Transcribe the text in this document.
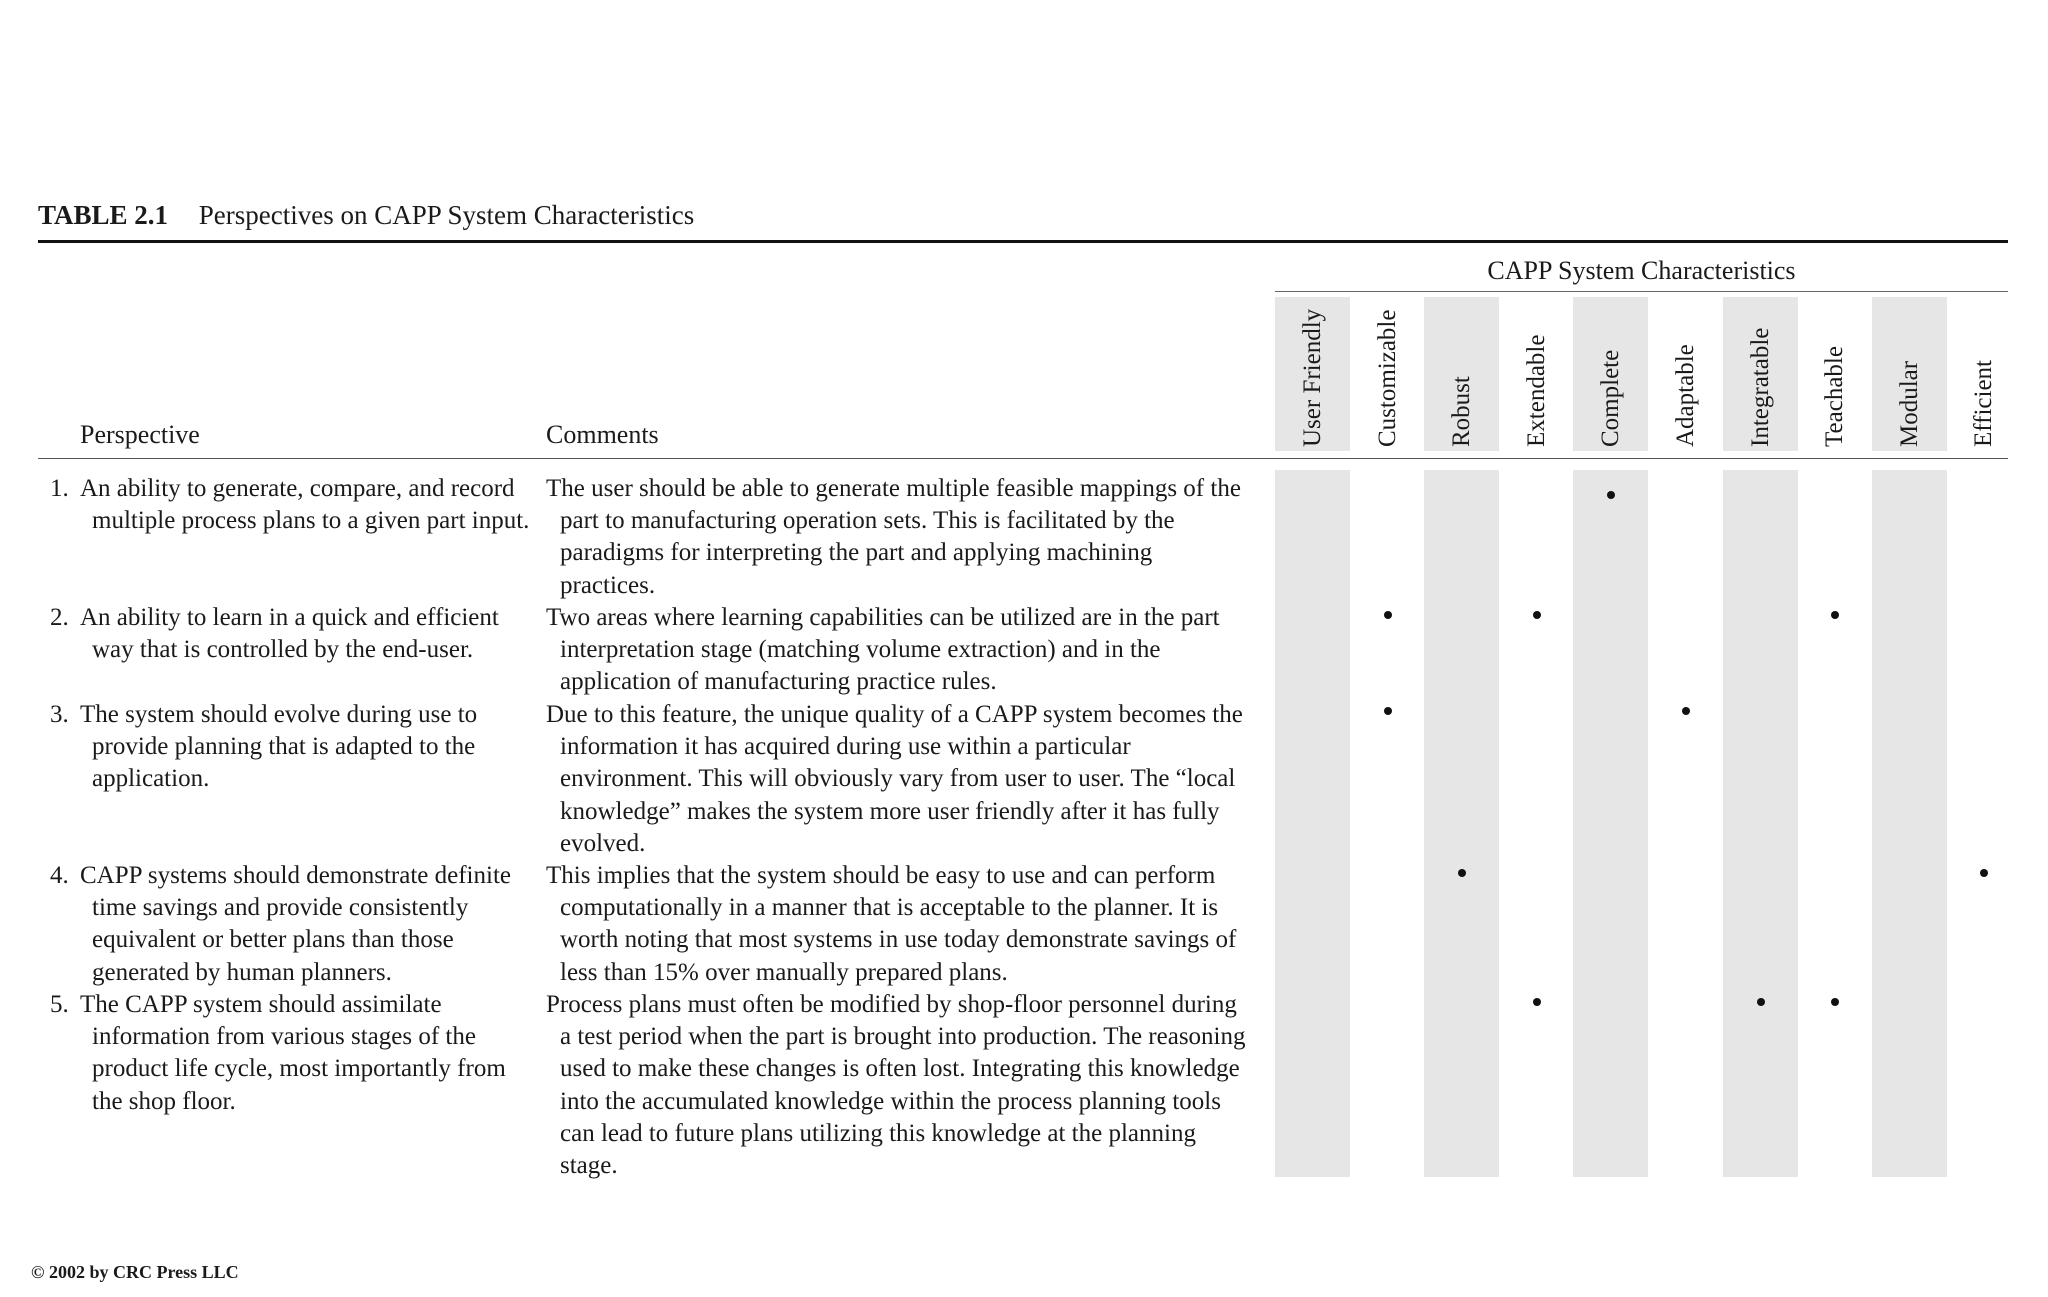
TABLE 2.1 Perspectives on CAPP System Characteristics
CAPP System Characteristics
User Friendly Customizable Robust Extendable Complete Adaptable Integratable Teachable Modular Efficient
Perspective	Comments
1. An ability to generate, compare, and record multiple process plans to a given part input.
The user should be able to generate multiple feasible mappings of the part to manufacturing operation sets. This is facilitated by the paradigms for interpreting the part and applying machining practices.
2. An ability to learn in a quick and efficient way that is controlled by the end-user.
Two areas where learning capabilities can be utilized are in the part interpretation stage (matching volume extraction) and in the application of manufacturing practice rules.
3. The system should evolve during use to provide planning that is adapted to the application.
Due to this feature, the unique quality of a CAPP system becomes the information it has acquired during use within a particular environment. This will obviously vary from user to user. The “local knowledge” makes the system more user friendly after it has fully evolved.
4. CAPP systems should demonstrate definite time savings and provide consistently equivalent or better plans than those generated by human planners.
This implies that the system should be easy to use and can perform computationally in a manner that is acceptable to the planner. It is worth noting that most systems in use today demonstrate savings of less than 15% over manually prepared plans.
5. The CAPP system should assimilate information from various stages of the product life cycle, most importantly from the shop floor.
Process plans must often be modified by shop-floor personnel during a test period when the part is brought into production. The reasoning used to make these changes is often lost. Integrating this knowledge into the accumulated knowledge within the process planning tools can lead to future plans utilizing this knowledge at the planning stage.
© 2002 by CRC Press LLC
